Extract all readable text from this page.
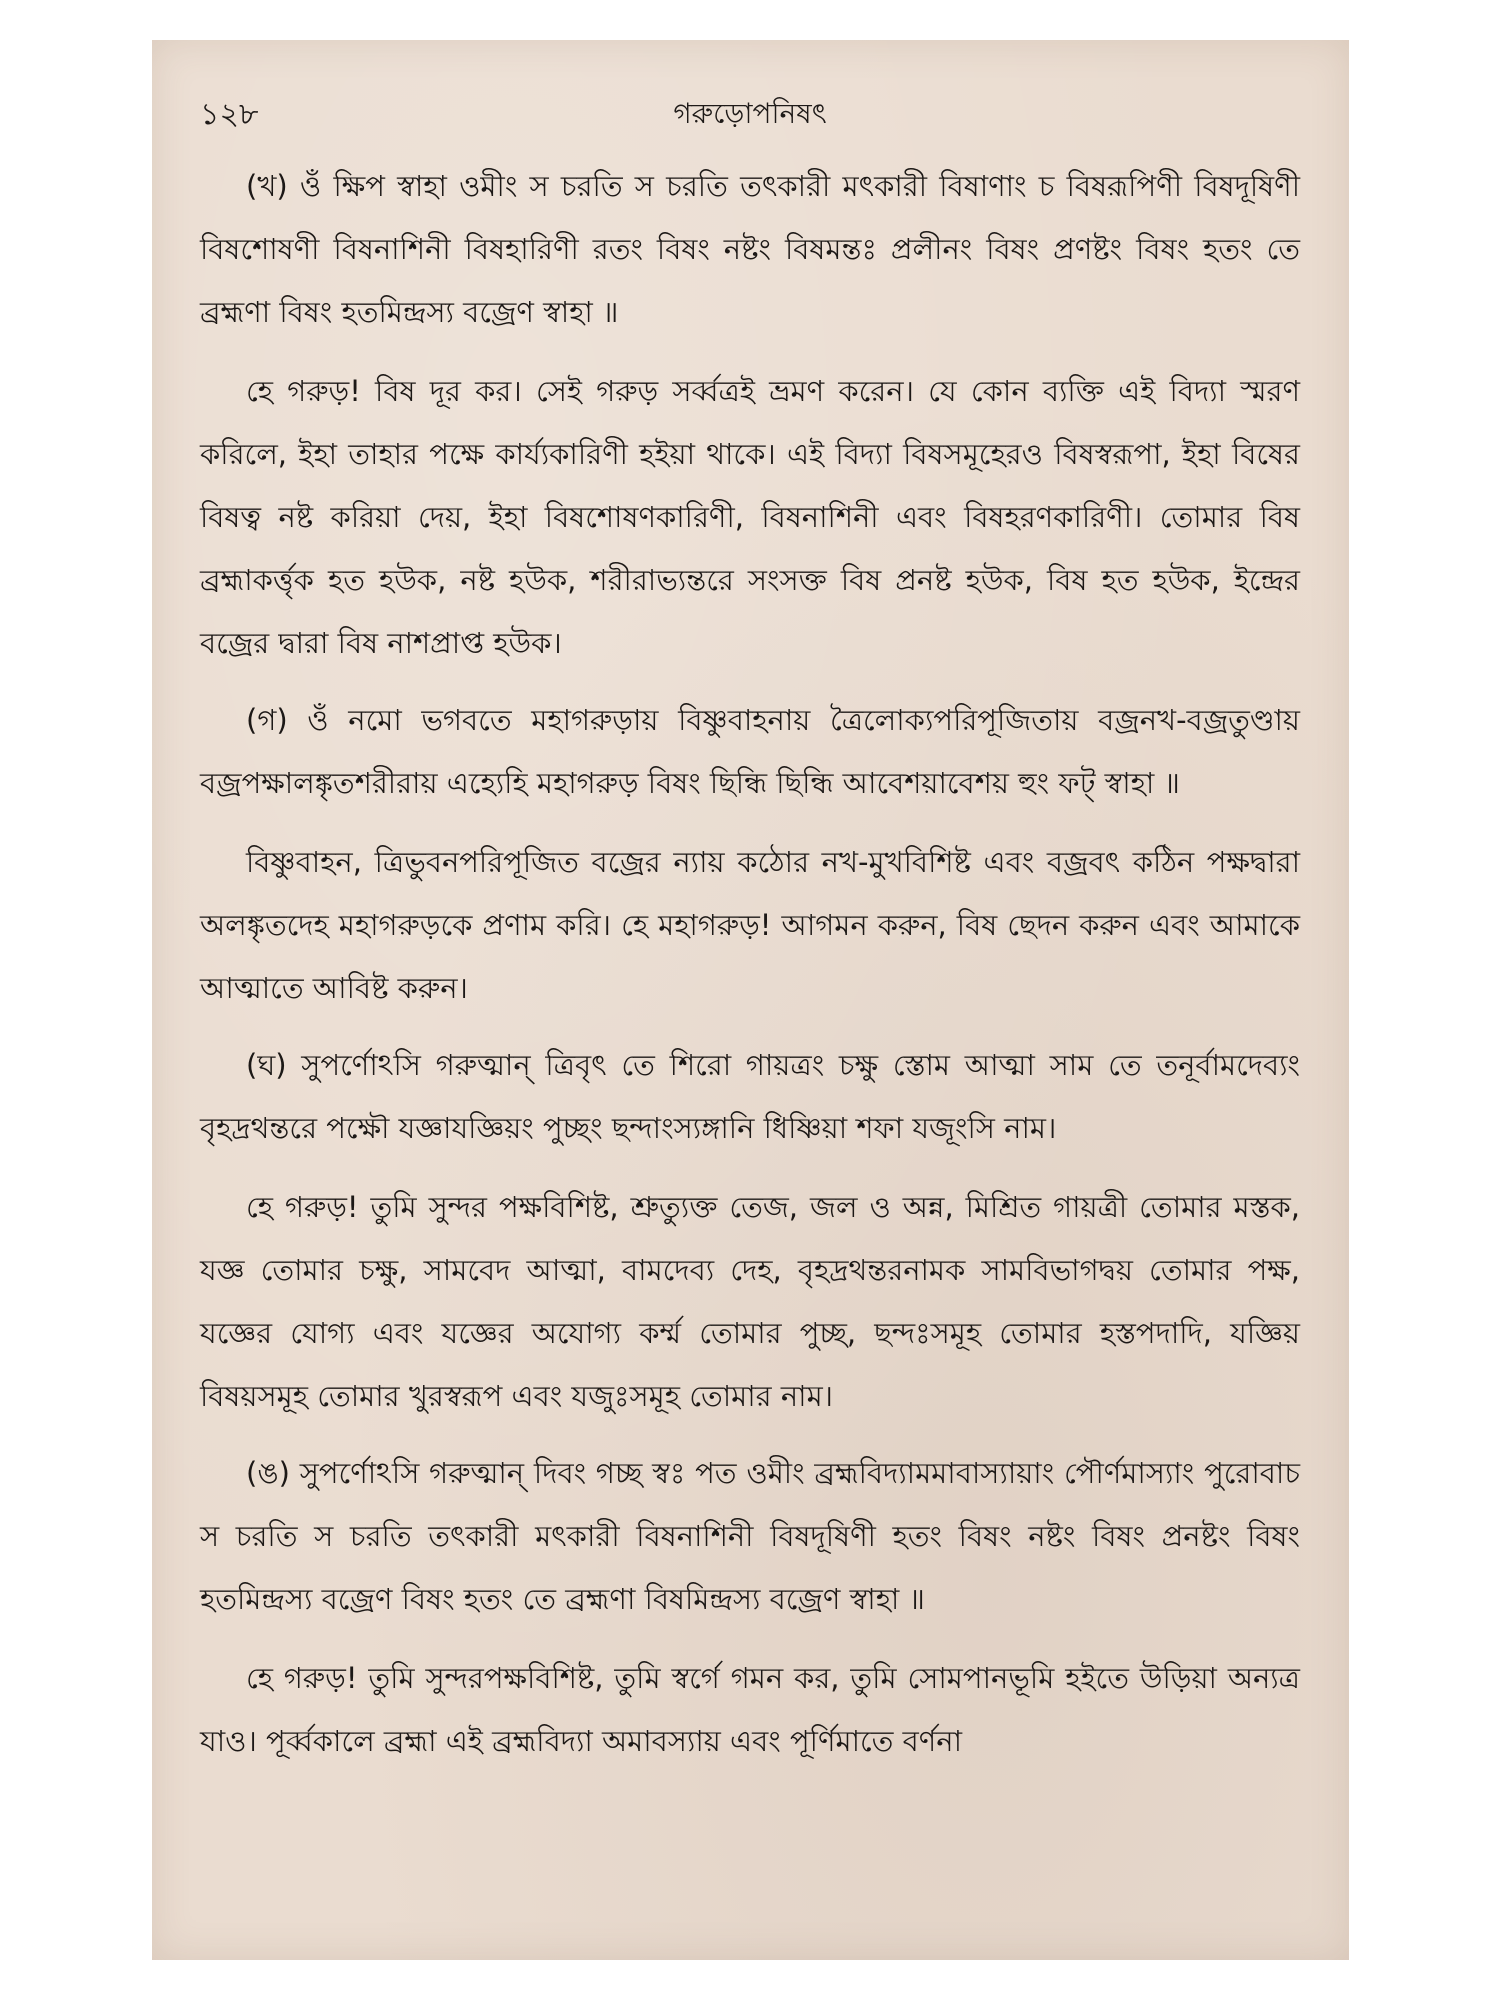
১২৮	গরুড়োপনিষৎ

(খ) ওঁ ক্ষিপ স্বাহা ওমীং স চরতি স চরতি তৎকারী মৎকারী বিষাণাং চ বিষরূপিণী বিষদূষিণী বিষশোষণী বিষনাশিনী বিষহারিণী রতং বিষং নষ্টং বিষমন্তঃ প্রলীনং বিষং প্রণষ্টং বিষং হতং তে ব্রহ্মণা বিষং হতমিন্দ্রস্য বজ্রেণ স্বাহা ॥

হে গরুড়! বিষ দূর কর। সেই গরুড় সর্ব্বত্রই ভ্রমণ করেন। যে কোন ব্যক্তি এই বিদ্যা স্মরণ করিলে, ইহা তাহার পক্ষে কার্য্যকারিণী হইয়া থাকে। এই বিদ্যা বিষসমূহেরও বিষস্বরূপা, ইহা বিষের বিষত্ব নষ্ট করিয়া দেয়, ইহা বিষশোষণকারিণী, বিষনাশিনী এবং বিষহরণকারিণী। তোমার বিষ ব্রহ্মাকর্ত্তৃক হত হউক, নষ্ট হউক, শরীরাভ্যন্তরে সংসক্ত বিষ প্রনষ্ট হউক, বিষ হত হউক, ইন্দ্রের বজ্রের দ্বারা বিষ নাশপ্রাপ্ত হউক।

(গ) ওঁ নমো ভগবতে মহাগরুড়ায় বিষ্ণুবাহনায় ত্রৈলোক্যপরিপূজিতায় বজ্রনখ-বজ্রতুণ্ডায় বজ্রপক্ষালঙ্কৃতশরীরায় এহ্যেহি মহাগরুড় বিষং ছিন্ধি ছিন্ধি আবেশয়াবেশয় হুং ফট্ স্বাহা ॥

বিষ্ণুবাহন, ত্রিভুবনপরিপূজিত বজ্রের ন্যায় কঠোর নখ-মুখবিশিষ্ট এবং বজ্রবৎ কঠিন পক্ষদ্বারা অলঙ্কৃতদেহ মহাগরুড়কে প্রণাম করি। হে মহাগরুড়! আগমন করুন, বিষ ছেদন করুন এবং আমাকে আত্মাতে আবিষ্ট করুন।

(ঘ) সুপর্ণোঽসি গরুত্মান্ ত্রিবৃৎ তে শিরো গায়ত্রং চক্ষু স্তোম আত্মা সাম তে তনূর্বামদেব্যং বৃহদ্রথন্তরে পক্ষৌ যজ্ঞাযজ্ঞিয়ং পুচ্ছং ছন্দাংস্যঙ্গানি ধিষ্ণিয়া শফা যজূংসি নাম।

হে গরুড়! তুমি সুন্দর পক্ষবিশিষ্ট, শ্রুত্যুক্ত তেজ, জল ও অন্ন, মিশ্রিত গায়ত্রী তোমার মস্তক, যজ্ঞ তোমার চক্ষু, সামবেদ আত্মা, বামদেব্য দেহ, বৃহদ্রথন্তরনামক সামবিভাগদ্বয় তোমার পক্ষ, যজ্ঞের যোগ্য এবং যজ্ঞের অযোগ্য কর্ম্ম তোমার পুচ্ছ, ছন্দঃসমূহ তোমার হস্তপদাদি, যজ্ঞিয় বিষয়সমূহ তোমার খুরস্বরূপ এবং যজুঃসমূহ তোমার নাম।

(ঙ) সুপর্ণোঽসি গরুত্মান্ দিবং গচ্ছ স্বঃ পত ওমীং ব্রহ্মবিদ্যামমাবাস্যায়াং পৌর্ণমাস্যাং পুরোবাচ স চরতি স চরতি তৎকারী মৎকারী বিষনাশিনী বিষদূষিণী হতং বিষং নষ্টং বিষং প্রনষ্টং বিষং হতমিন্দ্রস্য বজ্রেণ বিষং হতং তে ব্রহ্মণা বিষমিন্দ্রস্য বজ্রেণ স্বাহা ॥

হে গরুড়! তুমি সুন্দরপক্ষবিশিষ্ট, তুমি স্বর্গে গমন কর, তুমি সোমপানভূমি হইতে উড়িয়া অন্যত্র যাও। পূর্ব্বকালে ব্রহ্মা এই ব্রহ্মবিদ্যা অমাবস্যায় এবং পূর্ণিমাতে বর্ণনা
